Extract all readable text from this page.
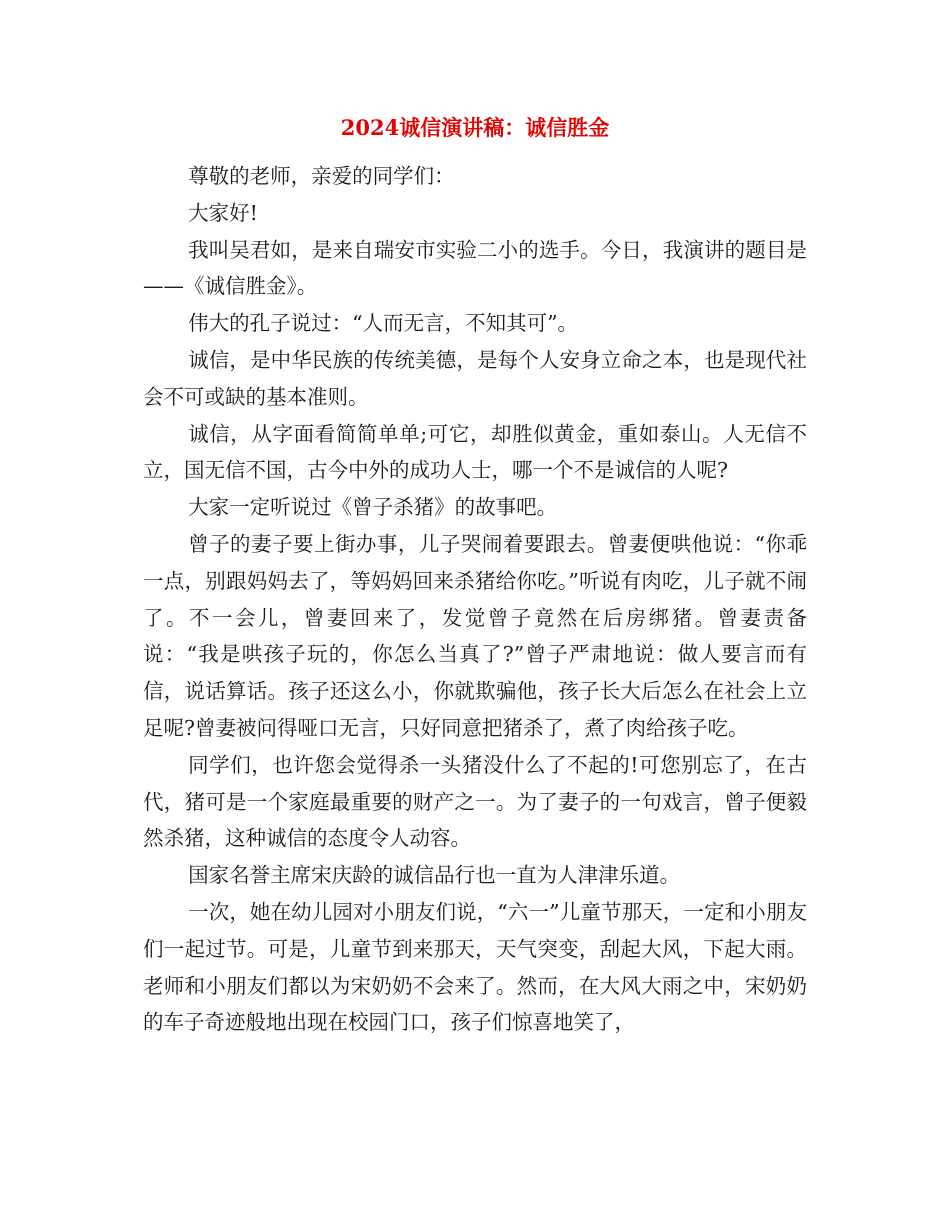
2024诚信演讲稿：诚信胜金

尊敬的老师，亲爱的同学们：

大家好!

我叫吴君如，是来自瑞安市实验二小的选手。今日，我演讲的题目是——《诚信胜金》。

伟大的孔子说过：“人而无言，不知其可”。

诚信，是中华民族的传统美德，是每个人安身立命之本，也是现代社会不可或缺的基本准则。

诚信，从字面看简简单单;可它，却胜似黄金，重如泰山。人无信不立，国无信不国，古今中外的成功人士，哪一个不是诚信的人呢?

大家一定听说过《曾子杀猪》的故事吧。

曾子的妻子要上街办事，儿子哭闹着要跟去。曾妻便哄他说：“你乖一点，别跟妈妈去了，等妈妈回来杀猪给你吃。”听说有肉吃，儿子就不闹了。不一会儿，曾妻回来了，发觉曾子竟然在后房绑猪。曾妻责备说：“我是哄孩子玩的，你怎么当真了?”曾子严肃地说：做人要言而有信，说话算话。孩子还这么小，你就欺骗他，孩子长大后怎么在社会上立足呢?曾妻被问得哑口无言，只好同意把猪杀了，煮了肉给孩子吃。

同学们，也许您会觉得杀一头猪没什么了不起的!可您别忘了，在古代，猪可是一个家庭最重要的财产之一。为了妻子的一句戏言，曾子便毅然杀猪，这种诚信的态度令人动容。

国家名誉主席宋庆龄的诚信品行也一直为人津津乐道。

一次，她在幼儿园对小朋友们说，“六一”儿童节那天，一定和小朋友们一起过节。可是，儿童节到来那天，天气突变，刮起大风，下起大雨。老师和小朋友们都以为宋奶奶不会来了。然而，在大风大雨之中，宋奶奶的车子奇迹般地出现在校园门口，孩子们惊喜地笑了，
